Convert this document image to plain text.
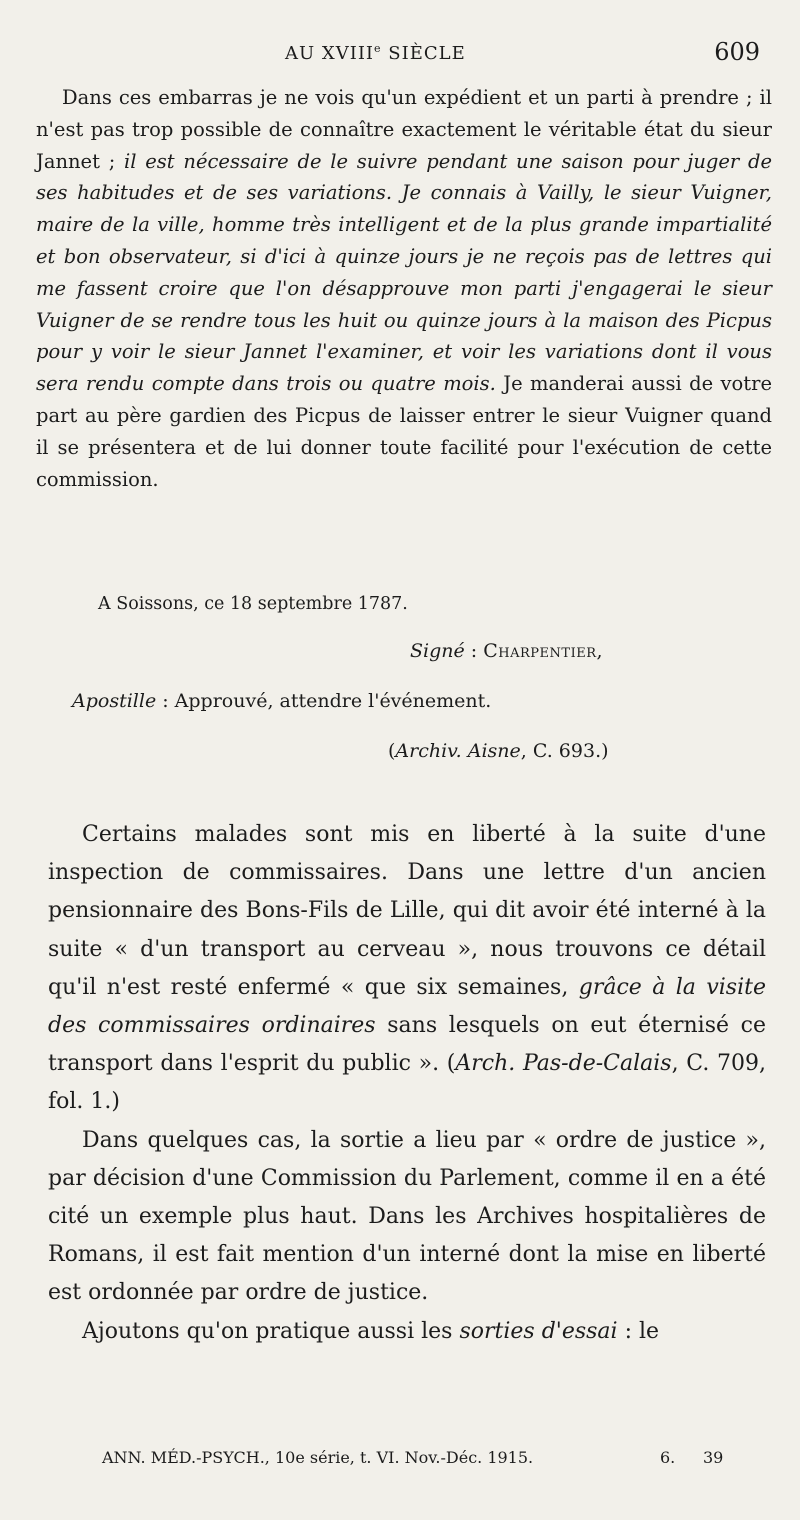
AU XVIIIe SIÈCLE	609

Dans ces embarras je ne vois qu'un expédient et un parti à prendre ; il n'est pas trop possible de connaître exactement le véritable état du sieur Jannet ; il est nécessaire de le suivre pendant une saison pour juger de ses habitudes et de ses variations. Je connais à Vailly, le sieur Vuigner, maire de la ville, homme très intelligent et de la plus grande impartialité et bon observateur, si d'ici à quinze jours je ne reçois pas de lettres qui me fassent croire que l'on désapprouve mon parti j'engagerai le sieur Vuigner de se rendre tous les huit ou quinze jours à la maison des Picpus pour y voir le sieur Jannet l'examiner, et voir les variations dont il vous sera rendu compte dans trois ou quatre mois. Je manderai aussi de votre part au père gardien des Picpus de laisser entrer le sieur Vuigner quand il se présentera et de lui donner toute facilité pour l'exécution de cette commission.

A Soissons, ce 18 septembre 1787.
Signé : Charpentier,
Apostille : Approuvé, attendre l'événement.
(Archiv. Aisne, C. 693.)

Certains malades sont mis en liberté à la suite d'une inspection de commissaires. Dans une lettre d'un ancien pensionnaire des Bons-Fils de Lille, qui dit avoir été interné à la suite « d'un transport au cerveau », nous trouvons ce détail qu'il n'est resté enfermé « que six semaines, grâce à la visite des commissaires ordinaires sans lesquels on eut éternisé ce transport dans l'esprit du public ». (Arch. Pas-de-Calais, C. 709, fol. 1.)

Dans quelques cas, la sortie a lieu par « ordre de justice », par décision d'une Commission du Parlement, comme il en a été cité un exemple plus haut. Dans les Archives hospitalières de Romans, il est fait mention d'un interné dont la mise en liberté est ordonnée par ordre de justice.

Ajoutons qu'on pratique aussi les sorties d'essai : le

ANN. MÉD.-PSYCH., 10e série, t. VI. Nov.-Déc. 1915.	6. 39
